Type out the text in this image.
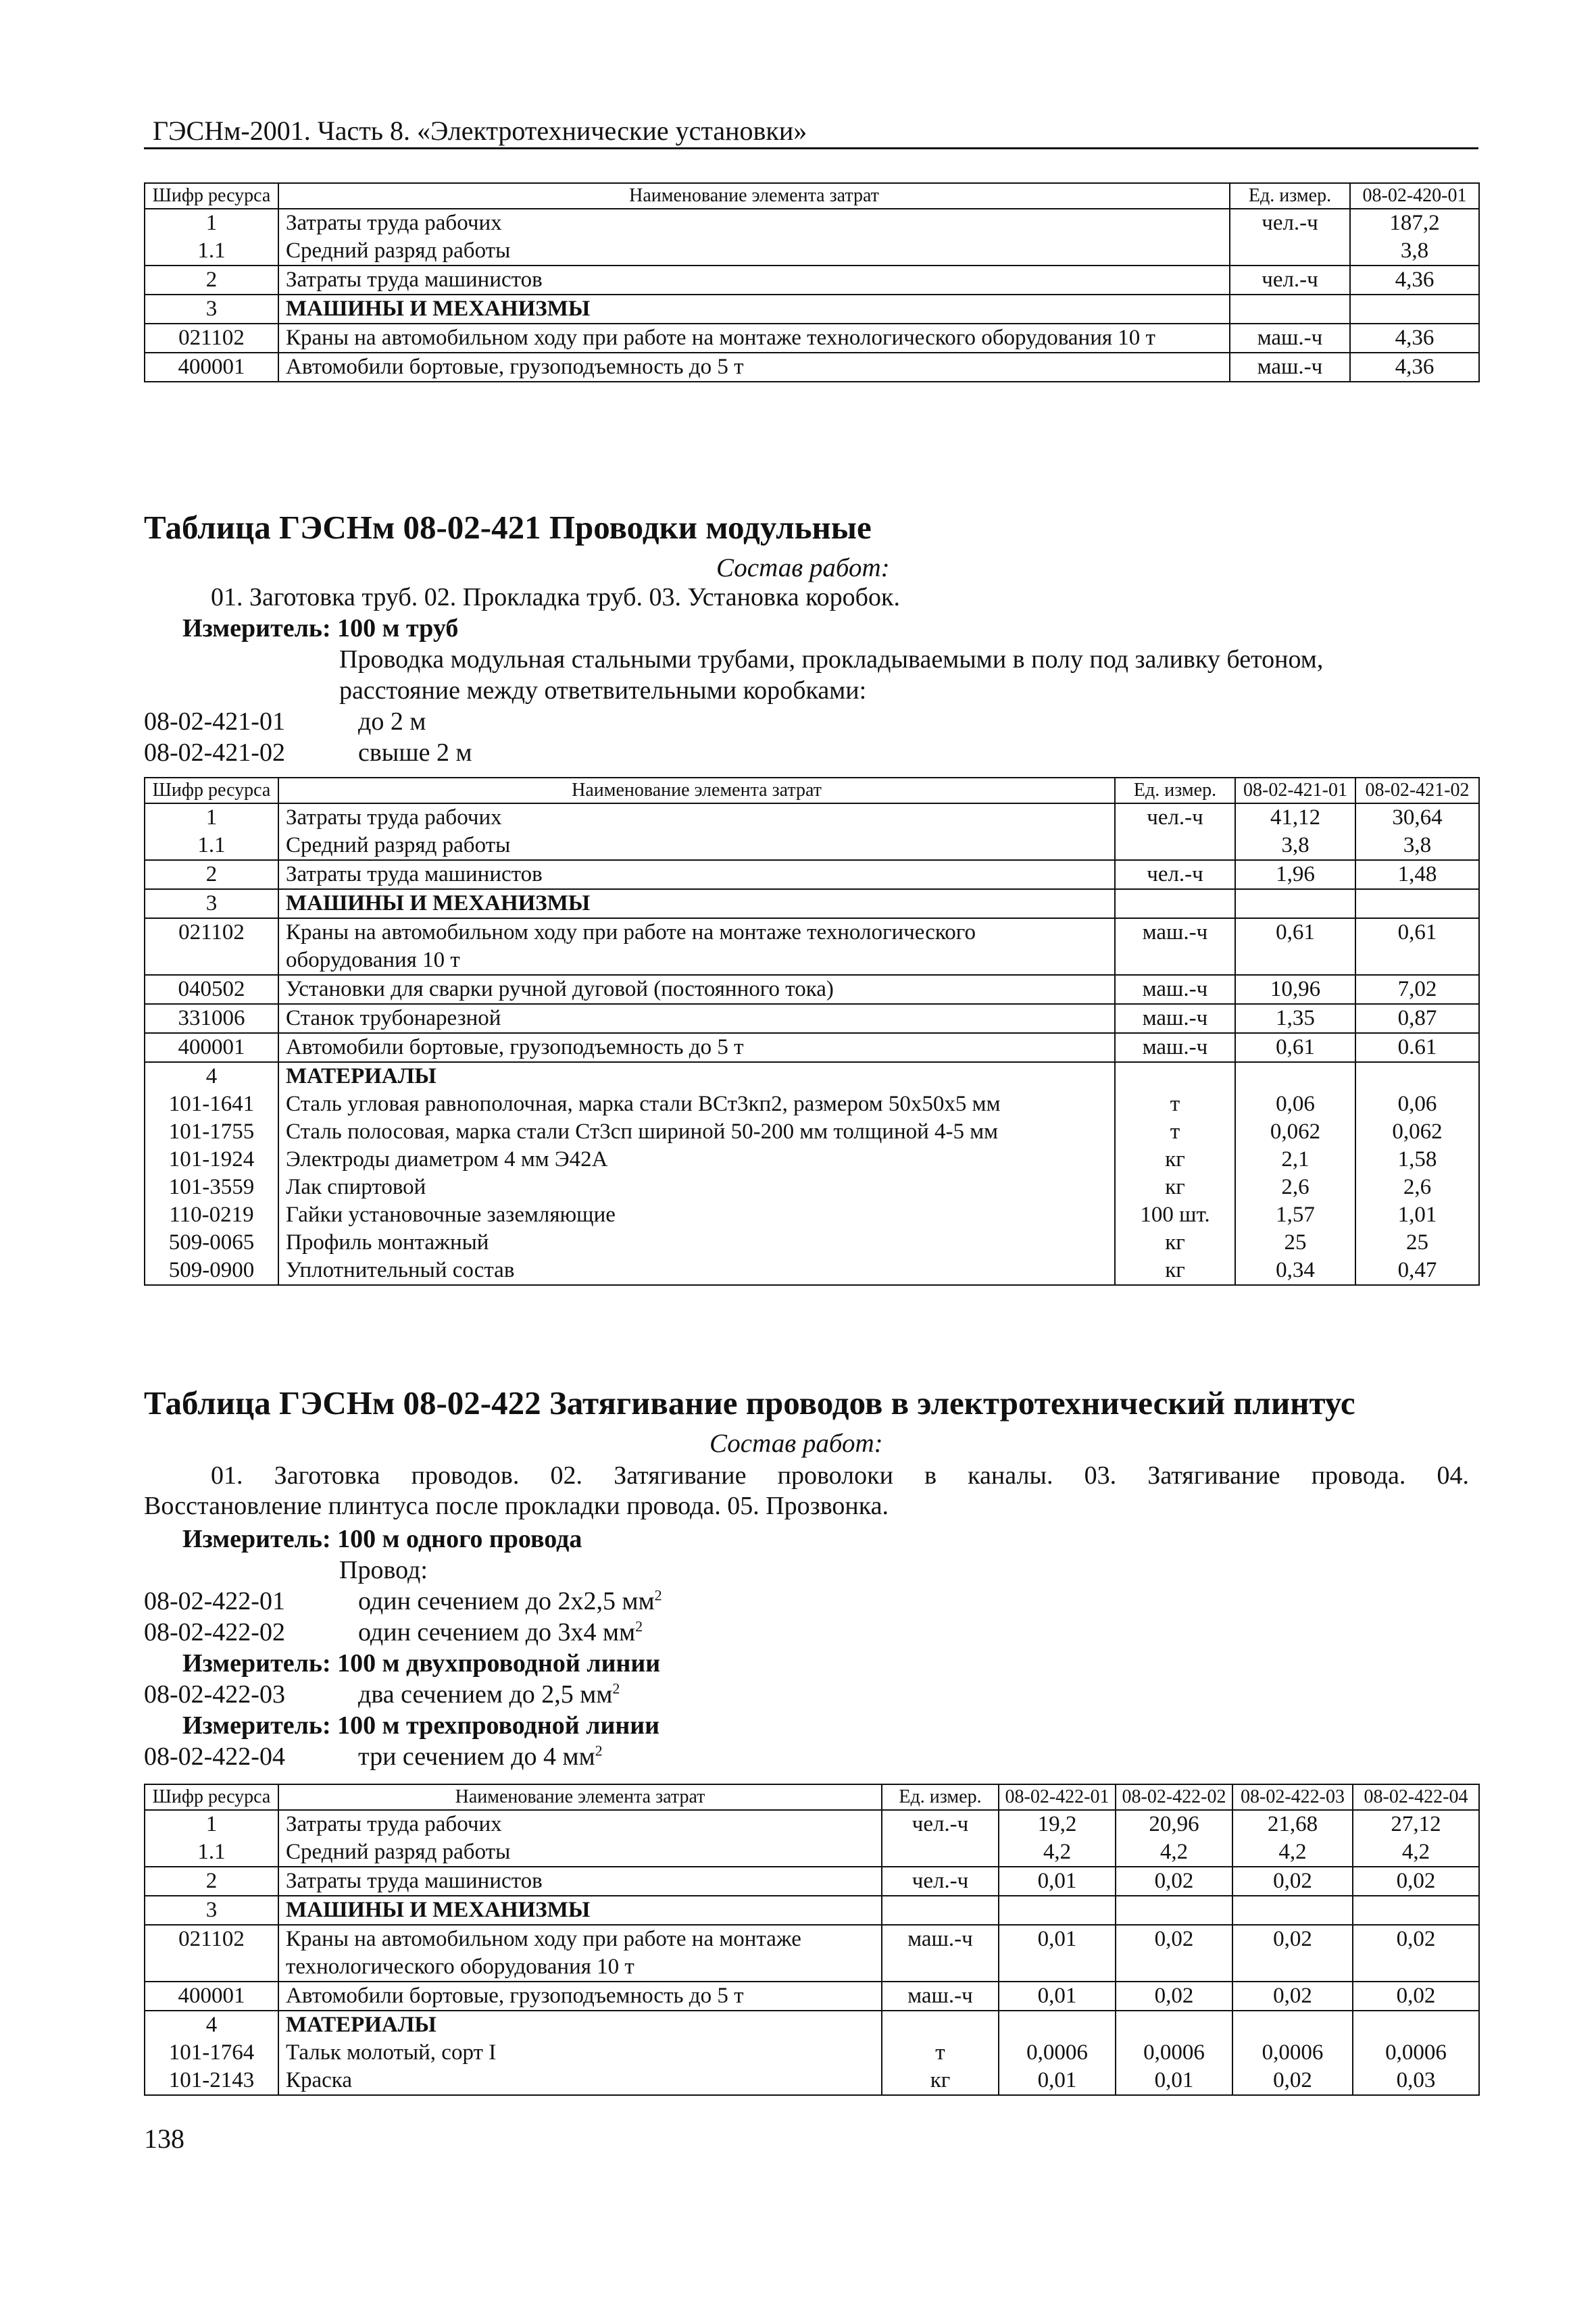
ГЭСНм-2001. Часть 8. «Электротехнические установки»
Шифр ресурса	Наименование элемента затрат	Ед. измер.	08-02-420-01
1	Затраты труда рабочих	чел.-ч	187,2
1.1	Средний разряд работы		3,8
2	Затраты труда машинистов	чел.-ч	4,36
3	МАШИНЫ И МЕХАНИЗМЫ		
021102	Краны на автомобильном ходу при работе на монтаже технологического оборудования 10 т	маш.-ч	4,36
400001	Автомобили бортовые, грузоподъемность до 5 т	маш.-ч	4,36
Таблица ГЭСНм 08-02-421 Проводки модульные
Состав работ:
01. Заготовка труб. 02. Прокладка труб. 03. Установка коробок.
Измеритель: 100 м труб
Проводка модульная стальными трубами, прокладываемыми в полу под заливку бетоном,
расстояние между ответвительными коробками:
08-02-421-01	до 2 м
08-02-421-02	свыше 2 м
Шифр ресурса	Наименование элемента затрат	Ед. измер.	08-02-421-01	08-02-421-02
1	Затраты труда рабочих	чел.-ч	41,12	30,64
1.1	Средний разряд работы		3,8	3,8
2	Затраты труда машинистов	чел.-ч	1,96	1,48
3	МАШИНЫ И МЕХАНИЗМЫ			
021102	Краны на автомобильном ходу при работе на монтаже технологического оборудования 10 т	маш.-ч	0,61	0,61
040502	Установки для сварки ручной дуговой (постоянного тока)	маш.-ч	10,96	7,02
331006	Станок трубонарезной	маш.-ч	1,35	0,87
400001	Автомобили бортовые, грузоподъемность до 5 т	маш.-ч	0,61	0.61
4	МАТЕРИАЛЫ			
101-1641	Сталь угловая равнополочная, марка стали ВСт3кп2, размером 50х50х5 мм	т	0,06	0,06
101-1755	Сталь полосовая, марка стали Ст3сп шириной 50-200 мм толщиной 4-5 мм	т	0,062	0,062
101-1924	Электроды диаметром 4 мм Э42А	кг	2,1	1,58
101-3559	Лак спиртовой	кг	2,6	2,6
110-0219	Гайки установочные заземляющие	100 шт.	1,57	1,01
509-0065	Профиль монтажный	кг	25	25
509-0900	Уплотнительный состав	кг	0,34	0,47
Таблица ГЭСНм 08-02-422 Затягивание проводов в электротехнический плинтус
Состав работ:
01. Заготовка проводов. 02. Затягивание проволоки в каналы. 03. Затягивание провода. 04.
Восстановление плинтуса после прокладки провода. 05. Прозвонка.
Измеритель: 100 м одного провода
Провод:
08-02-422-01	один сечением до 2х2,5 $мм^2$
08-02-422-02	один сечением до 3х4 $мм^2$
Измеритель: 100 м двухпроводной линии
08-02-422-03	два сечением до 2,5 $мм^2$
Измеритель: 100 м трехпроводной линии
08-02-422-04	три сечением до 4 $мм^2$
Шифр ресурса	Наименование элемента затрат	Ед. измер.	08-02-422-01	08-02-422-02	08-02-422-03	08-02-422-04
1	Затраты труда рабочих	чел.-ч	19,2	20,96	21,68	27,12
1.1	Средний разряд работы		4,2	4,2	4,2	4,2
2	Затраты труда машинистов	чел.-ч	0,01	0,02	0,02	0,02
3	МАШИНЫ И МЕХАНИЗМЫ					
021102	Краны на автомобильном ходу при работе на монтаже технологического оборудования 10 т	маш.-ч	0,01	0,02	0,02	0,02
400001	Автомобили бортовые, грузоподъемность до 5 т	маш.-ч	0,01	0,02	0,02	0,02
4	МАТЕРИАЛЫ					
101-1764	Тальк молотый, сорт I	т	0,0006	0,0006	0,0006	0,0006
101-2143	Краска	кг	0,01	0,01	0,02	0,03
138
